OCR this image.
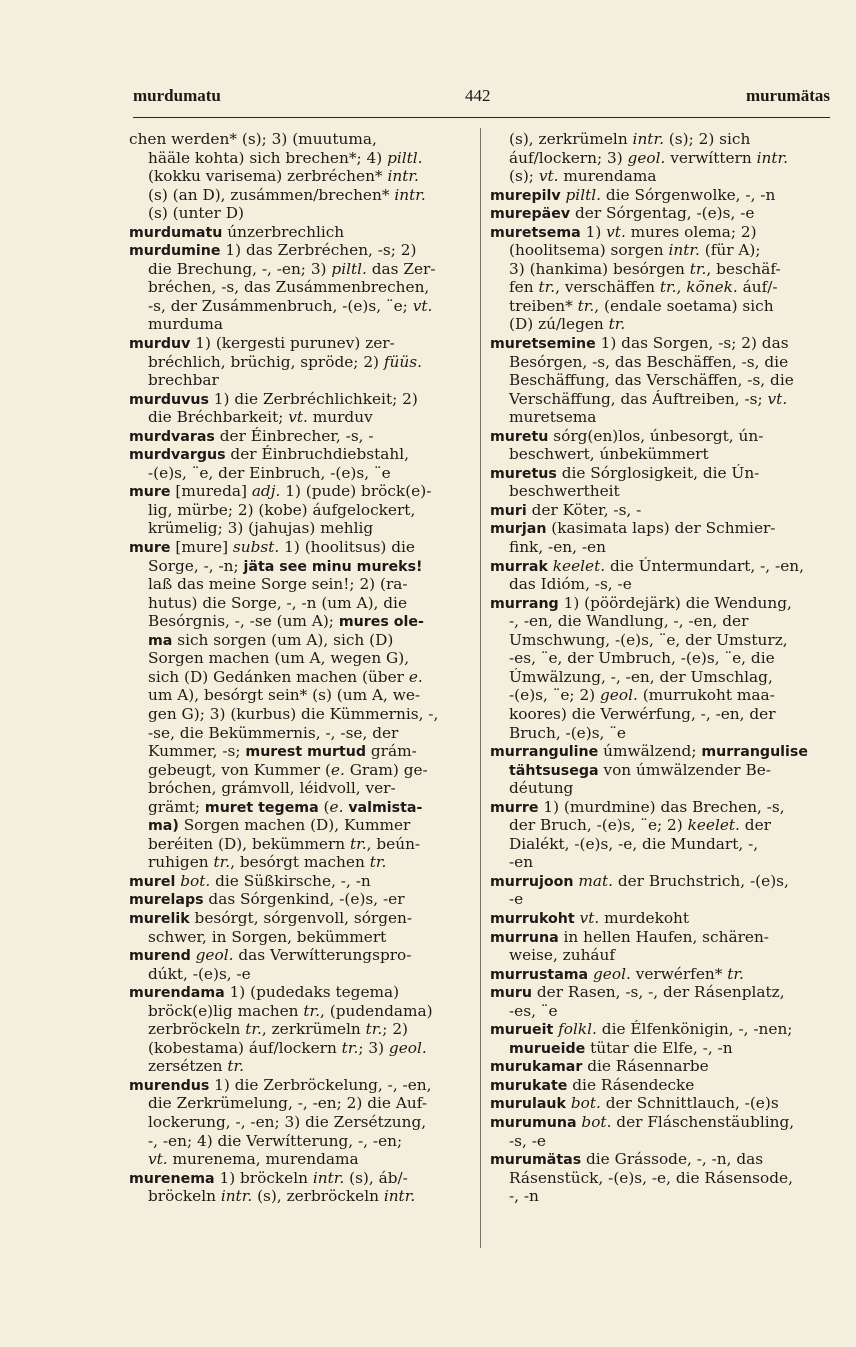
murdumatu	442	murumätas
chen werden* (s); 3) (muutuma,
hääle kohta) sich brechen*; 4) piltl.
(kokku varisema) zerbréchen* intr.
(s) (an D), zusámmen/brechen* intr.
(s) (unter D)
murdumatu únzerbrechlich
murdumine 1) das Zerbréchen, -s; 2)
die Brechung, -, -en; 3) piltl. das Zer-
bréchen, -s, das Zusámmenbrechen,
-s, der Zusámmenbruch, -(e)s, ¨e; vt.
murduma
murduv 1) (kergesti purunev) zer-
bréchlich, brüchig, spröde; 2) füüs.
brechbar
murduvus 1) die Zerbréchlichkeit; 2)
die Bréchbarkeit; vt. murduv
murdvaras der Éinbrecher, -s, -
murdvargus der Éinbruchdiebstahl,
-(e)s, ¨e, der Einbruch, -(e)s, ¨e
mure [mureda] adj. 1) (pude) bröck(e)-
lig, mürbe; 2) (kobe) áufgelockert,
krümelig; 3) (jahujas) mehlig
mure [mure] subst. 1) (hoolitsus) die
Sorge, -, -n; jäta see minu mureks!
laß das meine Sorge sein!; 2) (ra-
hutus) die Sorge, -, -n (um A), die
Besórgnis, -, -se (um A); mures ole-
ma sich sorgen (um A), sich (D)
Sorgen machen (um A, wegen G),
sich (D) Gedánken machen (über e.
um A), besórgt sein* (s) (um A, we-
gen G); 3) (kurbus) die Kümmernis, -,
-se, die Bekümmernis, -, -se, der
Kummer, -s; murest murtud grám-
gebeugt, von Kummer (e. Gram) ge-
bróchen, grámvoll, léidvoll, ver-
grämt; muret tegema (e. valmista-
ma) Sorgen machen (D), Kummer
beréiten (D), bekümmern tr., beún-
ruhigen tr., besórgt machen tr.
murel bot. die Süßkirsche, -, -n
murelaps das Sórgenkind, -(e)s, -er
murelik besórgt, sórgenvoll, sórgen-
schwer, in Sorgen, bekümmert
murend geol. das Verwítterungspro-
dúkt, -(e)s, -e
murendama 1) (pudedaks tegema)
bröck(e)lig machen tr., (pudendama)
zerbröckeln tr., zerkrümeln tr.; 2)
(kobestama) áuf/lockern tr.; 3) geol.
zersétzen tr.
murendus 1) die Zerbröckelung, -, -en,
die Zerkrümelung, -, -en; 2) die Auf-
lockerung, -, -en; 3) die Zersétzung,
-, -en; 4) die Verwítterung, -, -en;
vt. murenema, murendama
murenema 1) bröckeln intr. (s), áb/-
bröckeln intr. (s), zerbröckeln intr.
(s), zerkrümeln intr. (s); 2) sich
áuf/lockern; 3) geol. verwíttern intr.
(s); vt. murendama
murepilv piltl. die Sórgenwolke, -, -n
murepäev der Sórgentag, -(e)s, -e
muretsema 1) vt. mures olema; 2)
(hoolitsema) sorgen intr. (für A);
3) (hankima) besórgen tr., beschäf-
fen tr., verschäffen tr., kõnek. áuf/-
treiben* tr., (endale soetama) sich
(D) zú/legen tr.
muretsemine 1) das Sorgen, -s; 2) das
Besórgen, -s, das Beschäffen, -s, die
Beschäffung, das Verschäffen, -s, die
Verschäffung, das Áuftreiben, -s; vt.
muretsema
muretu sórg(en)los, únbesorgt, ún-
beschwert, únbekümmert
muretus die Sórglosigkeit, die Ún-
beschwertheit
muri der Köter, -s, -
murjan (kasimata laps) der Schmier-
fink, -en, -en
murrak keelet. die Úntermundart, -, -en,
das Idióm, -s, -e
murrang 1) (pöördejärk) die Wendung,
-, -en, die Wandlung, -, -en, der
Umschwung, -(e)s, ¨e, der Umsturz,
-es, ¨e, der Umbruch, -(e)s, ¨e, die
Úmwälzung, -, -en, der Umschlag,
-(e)s, ¨e; 2) geol. (murrukoht maa-
koores) die Verwérfung, -, -en, der
Bruch, -(e)s, ¨e
murranguline úmwälzend; murrangulise
tähtsusega von úmwälzender Be-
déutung
murre 1) (murdmine) das Brechen, -s,
der Bruch, -(e)s, ¨e; 2) keelet. der
Dialékt, -(e)s, -e, die Mundart, -,
-en
murrujoon mat. der Bruchstrich, -(e)s,
-e
murrukoht vt. murdekoht
murruna in hellen Haufen, schären-
weise, zuháuf
murrustama geol. verwérfen* tr.
muru der Rasen, -s, -, der Rásenplatz,
-es, ¨e
murueit folkl. die Élfenkönigin, -, -nen;
murueide tütar die Elfe, -, -n
murukamar die Rásennarbe
murukate die Rásendecke
murulauk bot. der Schnittlauch, -(e)s
murumuna bot. der Fláschenstäubling,
-s, -e
murumätas die Grássode, -, -n, das
Rásenstück, -(e)s, -e, die Rásensode,
-, -n
